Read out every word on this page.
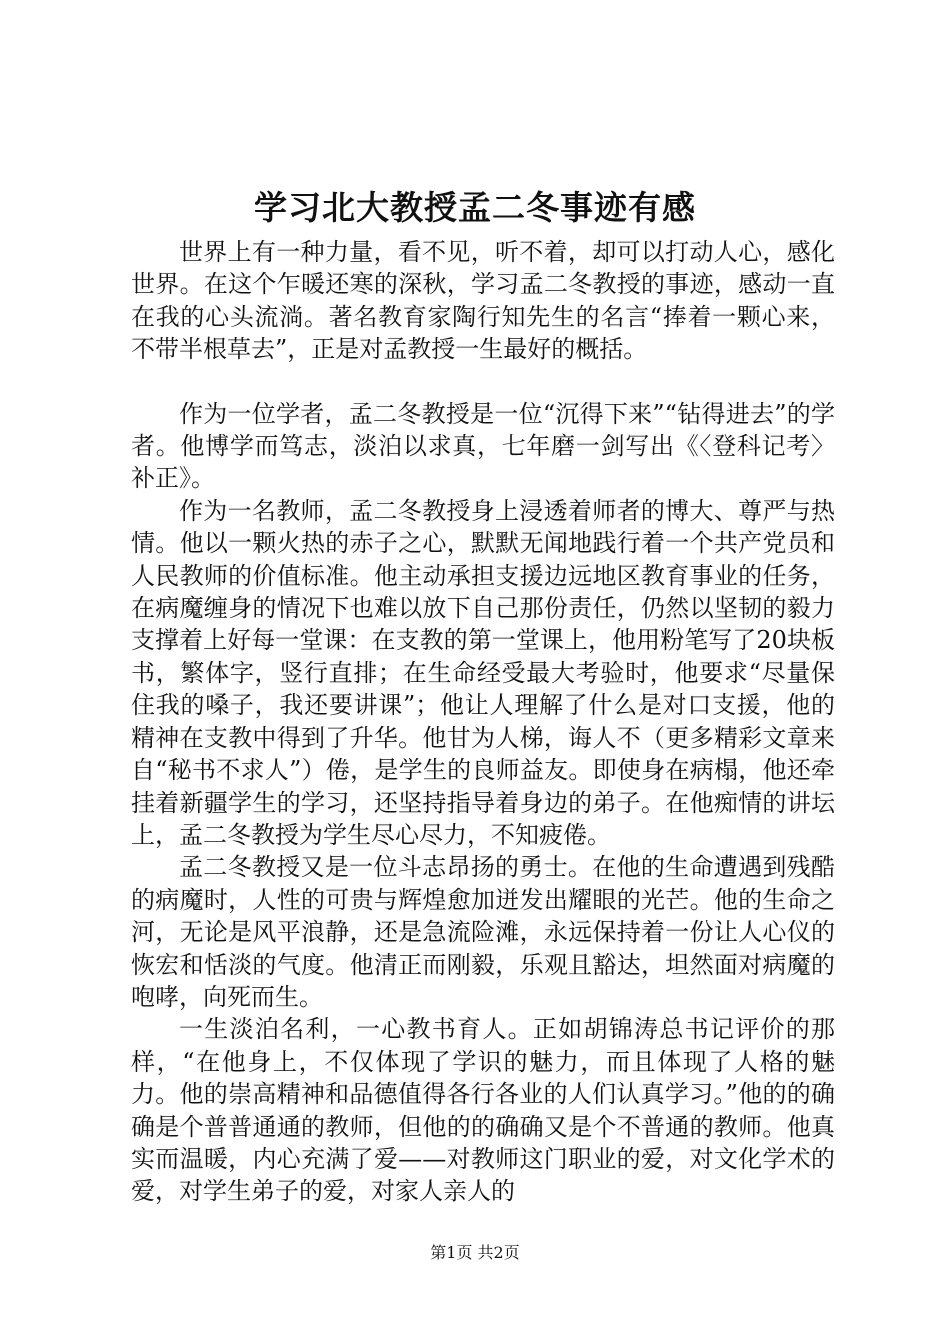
学习北大教授孟二冬事迹有感

世界上有一种力量，看不见，听不着，却可以打动人心，感化世界。在这个乍暖还寒的深秋，学习孟二冬教授的事迹，感动一直在我的心头流淌。著名教育家陶行知先生的名言“捧着一颗心来，不带半根草去”，正是对孟教授一生最好的概括。

作为一位学者，孟二冬教授是一位“沉得下来”“钻得进去”的学者。他博学而笃志，淡泊以求真，七年磨一剑写出《〈登科记考〉补正》。

作为一名教师，孟二冬教授身上浸透着师者的博大、尊严与热情。他以一颗火热的赤子之心，默默无闻地践行着一个共产党员和人民教师的价值标准。他主动承担支援边远地区教育事业的任务，在病魔缠身的情况下也难以放下自己那份责任，仍然以坚韧的毅力支撑着上好每一堂课：在支教的第一堂课上，他用粉笔写了20块板书，繁体字，竖行直排；在生命经受最大考验时，他要求“尽量保住我的嗓子，我还要讲课”；他让人理解了什么是对口支援，他的精神在支教中得到了升华。他甘为人梯，诲人不（更多精彩文章来自“秘书不求人”）倦，是学生的良师益友。即使身在病榻，他还牵挂着新疆学生的学习，还坚持指导着身边的弟子。在他痴情的讲坛上，孟二冬教授为学生尽心尽力，不知疲倦。

孟二冬教授又是一位斗志昂扬的勇士。在他的生命遭遇到残酷的病魔时，人性的可贵与辉煌愈加迸发出耀眼的光芒。他的生命之河，无论是风平浪静，还是急流险滩，永远保持着一份让人心仪的恢宏和恬淡的气度。他清正而刚毅，乐观且豁达，坦然面对病魔的咆哮，向死而生。

一生淡泊名利，一心教书育人。正如胡锦涛总书记评价的那样，“在他身上，不仅体现了学识的魅力，而且体现了人格的魅力。他的崇高精神和品德值得各行各业的人们认真学习。”他的的确确是个普普通通的教师，但他的的确确又是个不普通的教师。他真实而温暖，内心充满了爱——对教师这门职业的爱，对文化学术的爱，对学生弟子的爱，对家人亲人的

第1页 共2页
